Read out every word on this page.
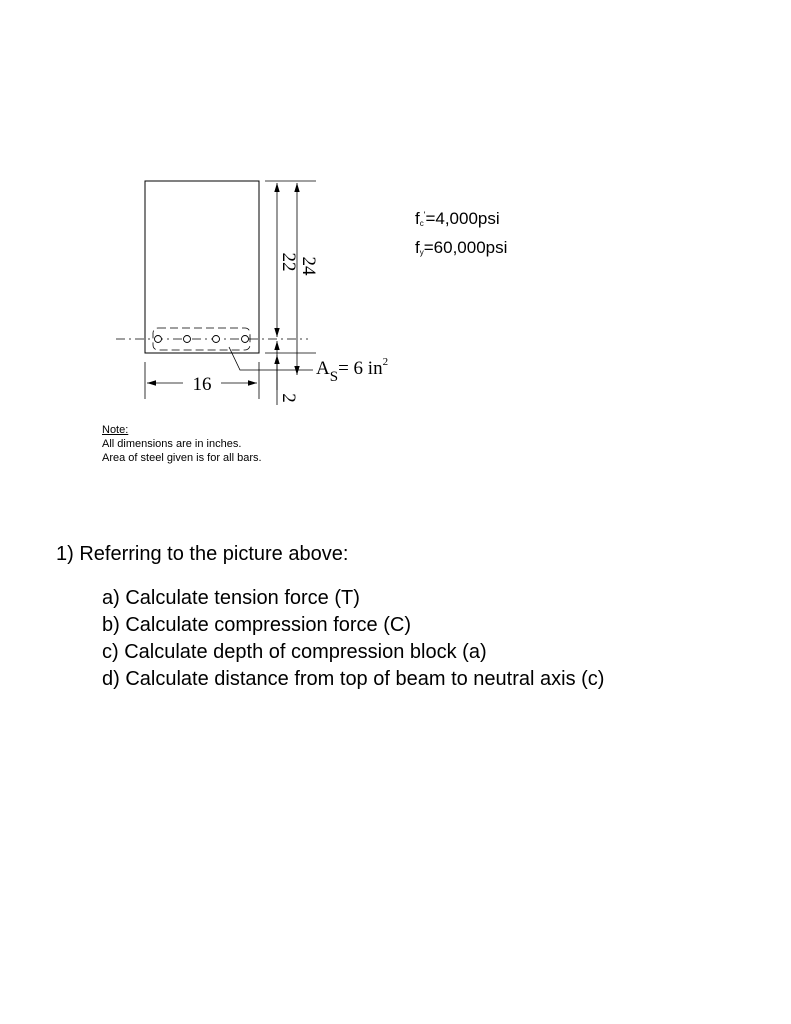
22 24
2
16
$A_S= 6$ $in^2$
$f_c'=4,000psi$
$f_y=60,000psi$
Note:
All dimensions are in inches.
Area of steel given is for all bars.
1) Referring to the picture above:
a) Calculate tension force (T)
b) Calculate compression force (C)
c) Calculate depth of compression block (a)
d) Calculate distance from top of beam to neutral axis (c)
